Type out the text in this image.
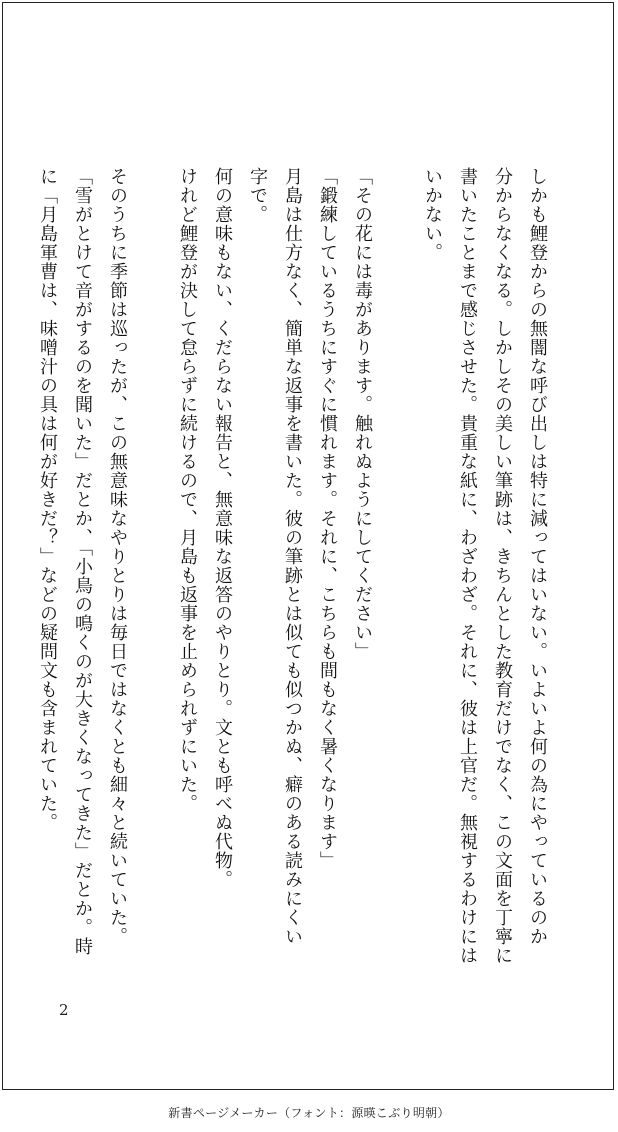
しかも鯉登からの無闇な呼び出しは特に減ってはいない。いよいよ何の為にやっているのか
分からなくなる。しかしその美しい筆跡は、きちんとした教育だけでなく、この文面を丁寧に
書いたことまで感じさせた。貴重な紙に、わざわざ。それに、彼は上官だ。無視するわけには
いかない。

「その花には毒があります。触れぬようにしてください」
「鍛練しているうちにすぐに慣れます。それに、こちらも間もなく暑くなります」
月島は仕方なく、簡単な返事を書いた。彼の筆跡とは似ても似つかぬ、癖のある読みにくい
字で。
何の意味もない、くだらない報告と、無意味な返答のやりとり。文とも呼べぬ代物。
けれど鯉登が決して怠らずに続けるので、月島も返事を止められずにいた。

そのうちに季節は巡ったが、この無意味なやりとりは毎日ではなくとも細々と続いていた。
「雪がとけて音がするのを聞いた」だとか、「小鳥の鳴くのが大きくなってきた」だとか。時
に「月島軍曹は、味噌汁の具は何が好きだ？」などの疑問文も含まれていた。
2
新書ページメーカー（フォント：源暎こぶり明朝）
